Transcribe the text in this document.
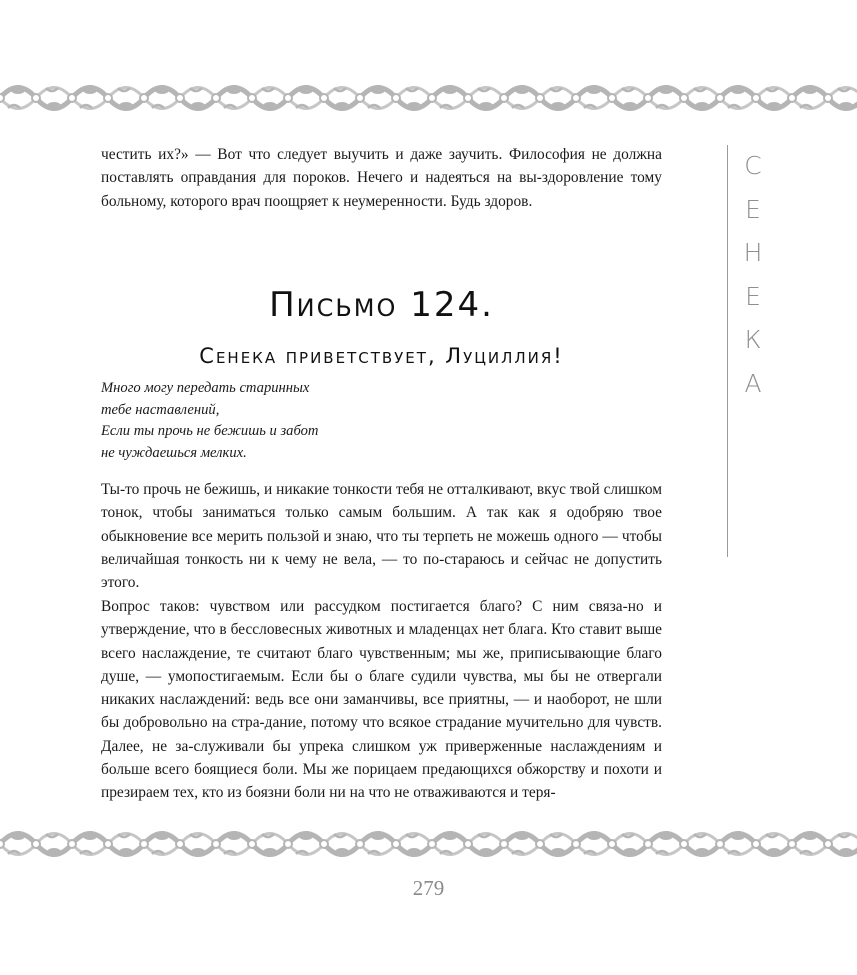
честить их?» — Вот что следует выучить и даже заучить. Философия не должна поставлять оправдания для пороков. Нечего и надеяться на вы-здоровление тому больному, которого врач поощряет к неумеренности. Будь здоров.

Письмо 124.
Сенека приветствует, Луциллия!
Много могу передать старинных
тебе наставлений,
Если ты прочь не бежишь и забот
не чуждаешься мелких.

Ты-то прочь не бежишь, и никакие тонкости тебя не отталкивают, вкус твой слишком тонок, чтобы заниматься только самым большим. А так как я одобряю твое обыкновение все мерить пользой и знаю, что ты терпеть не можешь одного — чтобы величайшая тонкость ни к чему не вела, — то по-стараюсь и сейчас не допустить этого.

Вопрос таков: чувством или рассудком постигается благо? С ним связа-но и утверждение, что в бессловесных животных и младенцах нет блага. Кто ставит выше всего наслаждение, те считают благо чувственным; мы же, приписывающие благо душе, — умопостигаемым. Если бы о благе судили чувства, мы бы не отвергали никаких наслаждений: ведь все они заманчивы, все приятны, — и наоборот, не шли бы добровольно на стра-дание, потому что всякое страдание мучительно для чувств. Далее, не за-служивали бы упрека слишком уж приверженные наслаждениям и больше всего боящиеся боли. Мы же порицаем предающихся обжорству и похоти и презираем тех, кто из боязни боли ни на что не отваживаются и теря-

С
Е
Н
Е
К
А
279
